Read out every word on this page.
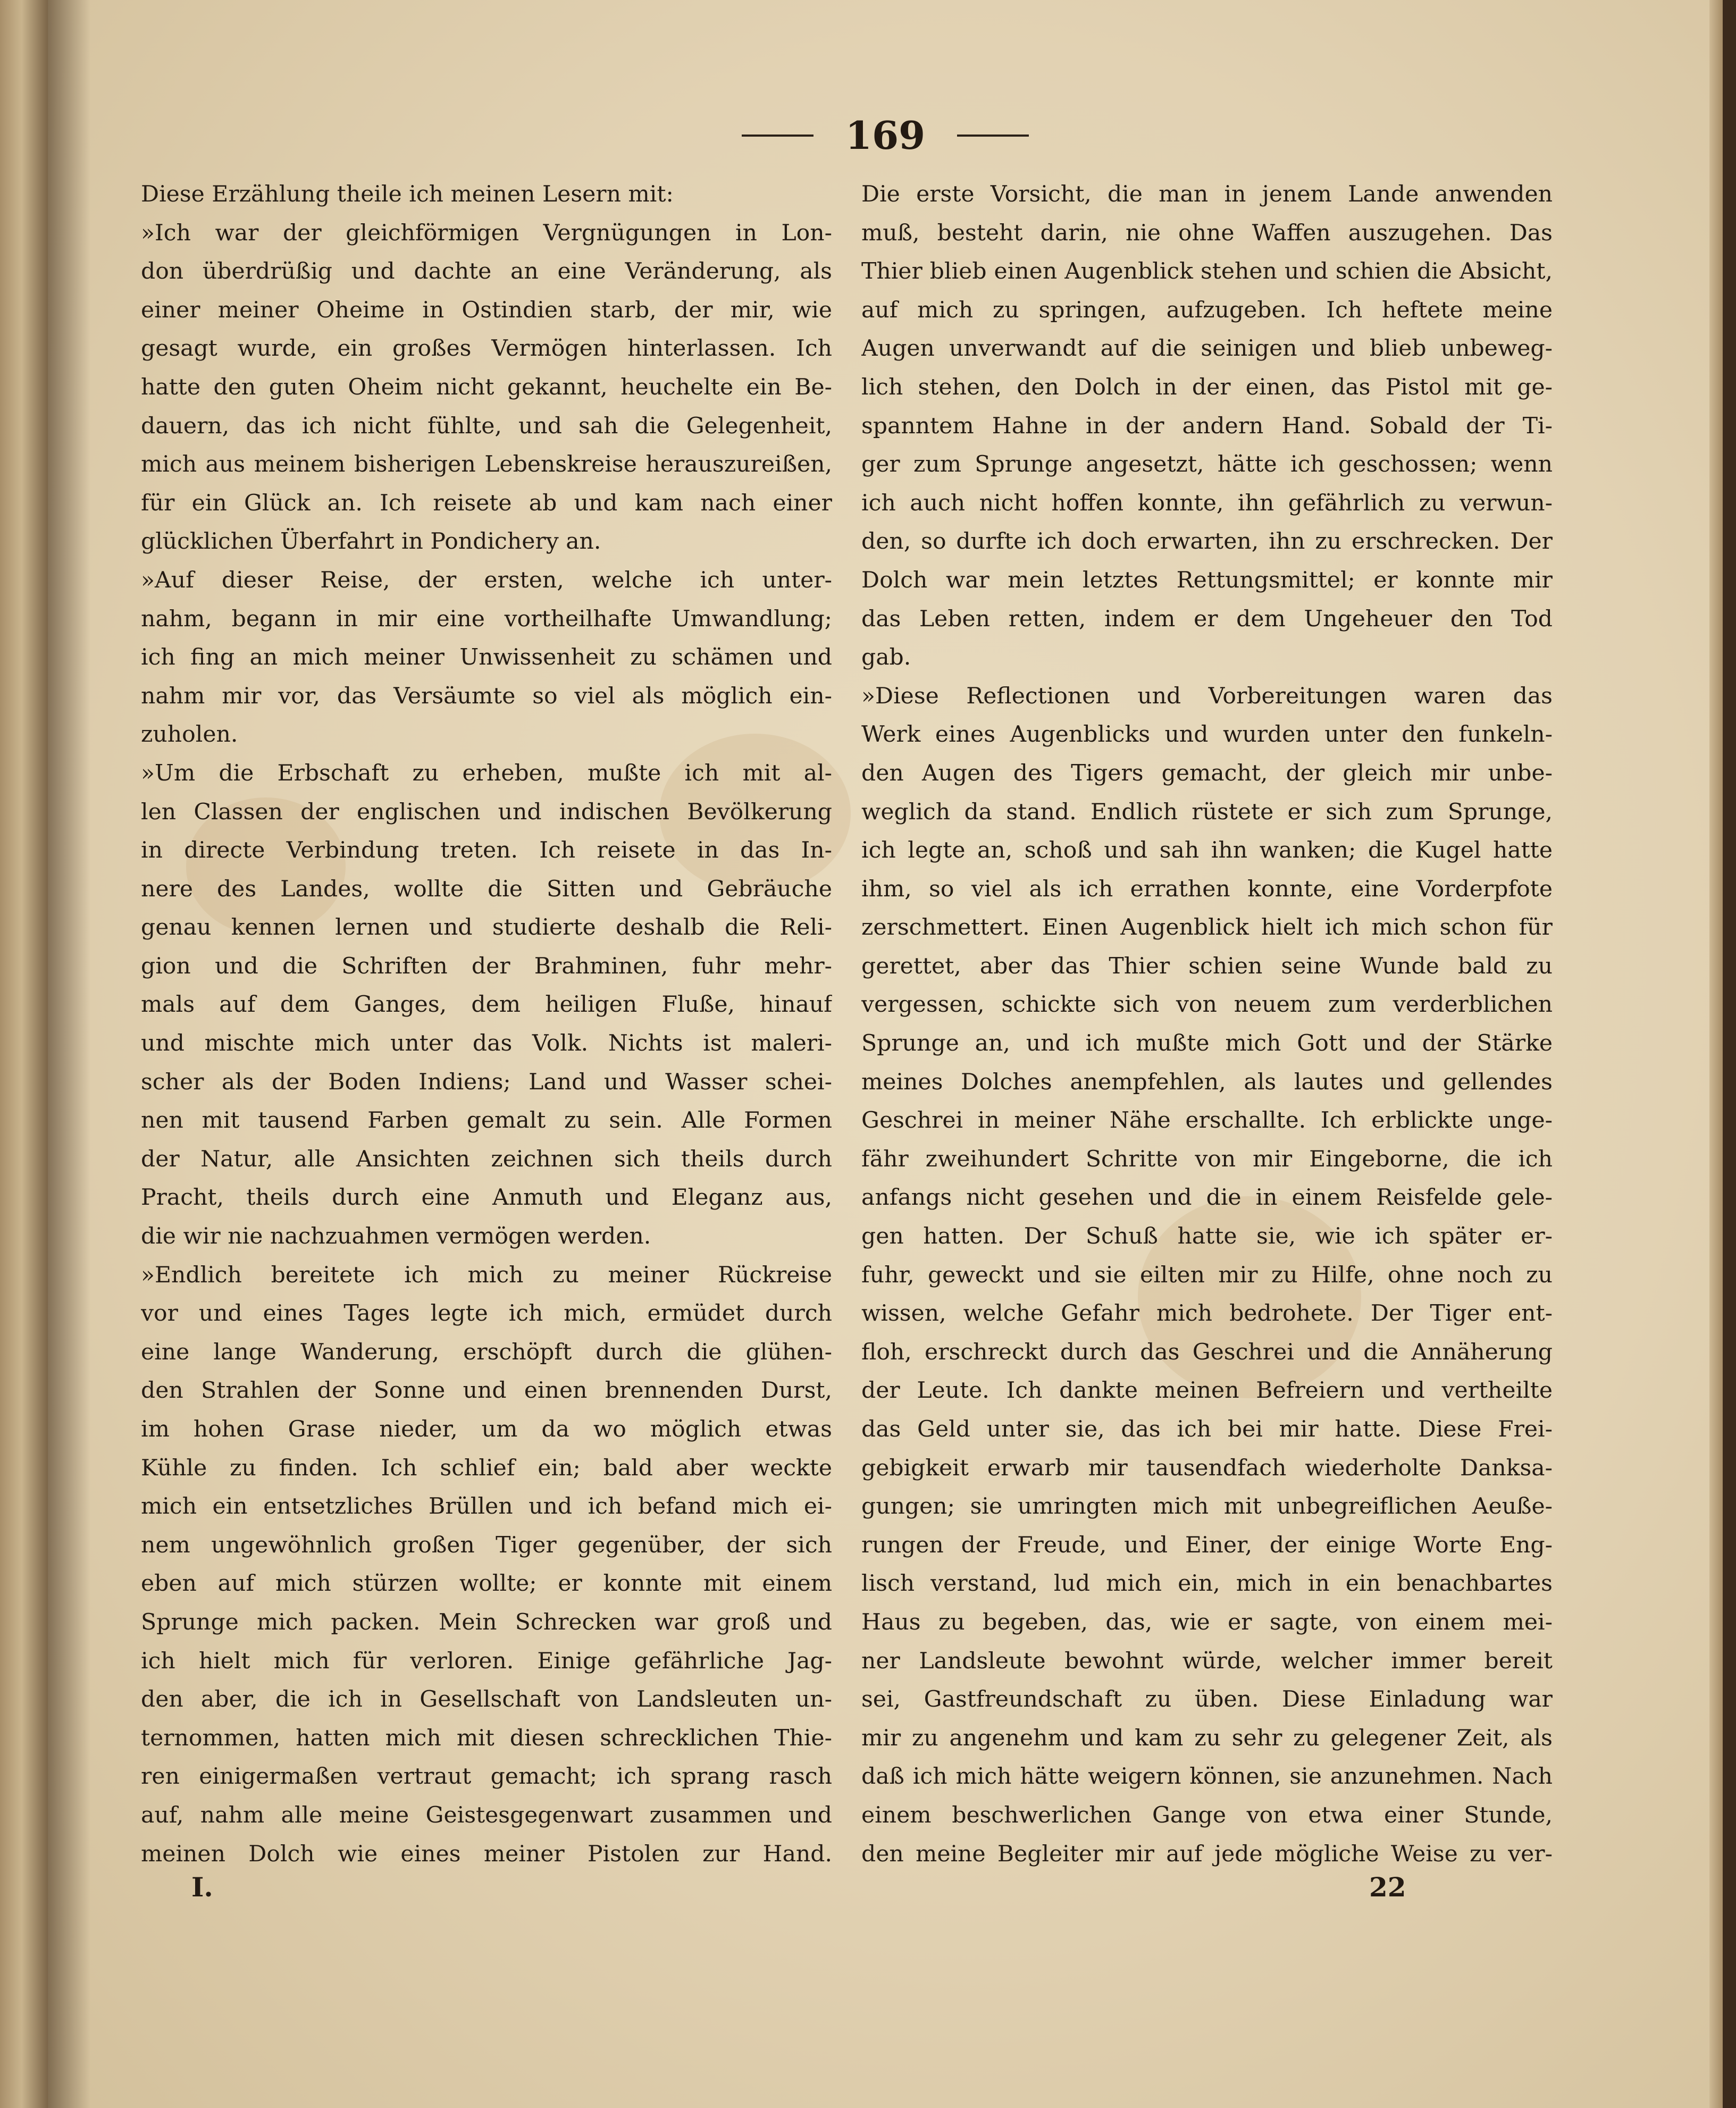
169
Diese Erzählung theile ich meinen Lesern mit:
»Ich war der gleichförmigen Vergnügungen in Lon-
don überdrüßig und dachte an eine Veränderung, als
einer meiner Oheime in Ostindien starb, der mir, wie
gesagt wurde, ein großes Vermögen hinterlassen. Ich
hatte den guten Oheim nicht gekannt, heuchelte ein Be-
dauern, das ich nicht fühlte, und sah die Gelegenheit,
mich aus meinem bisherigen Lebenskreise herauszureißen,
für ein Glück an. Ich reisete ab und kam nach einer
glücklichen Überfahrt in Pondichery an.
»Auf dieser Reise, der ersten, welche ich unter-
nahm, begann in mir eine vortheilhafte Umwandlung;
ich fing an mich meiner Unwissenheit zu schämen und
nahm mir vor, das Versäumte so viel als möglich ein-
zuholen.
»Um die Erbschaft zu erheben, mußte ich mit al-
len Classen der englischen und indischen Bevölkerung
in directe Verbindung treten. Ich reisete in das In-
nere des Landes, wollte die Sitten und Gebräuche
genau kennen lernen und studierte deshalb die Reli-
gion und die Schriften der Brahminen, fuhr mehr-
mals auf dem Ganges, dem heiligen Fluße, hinauf
und mischte mich unter das Volk. Nichts ist maleri-
scher als der Boden Indiens; Land und Wasser schei-
nen mit tausend Farben gemalt zu sein. Alle Formen
der Natur, alle Ansichten zeichnen sich theils durch
Pracht, theils durch eine Anmuth und Eleganz aus,
die wir nie nachzuahmen vermögen werden.
»Endlich bereitete ich mich zu meiner Rückreise
vor und eines Tages legte ich mich, ermüdet durch
eine lange Wanderung, erschöpft durch die glühen-
den Strahlen der Sonne und einen brennenden Durst,
im hohen Grase nieder, um da wo möglich etwas
Kühle zu finden. Ich schlief ein; bald aber weckte
mich ein entsetzliches Brüllen und ich befand mich ei-
nem ungewöhnlich großen Tiger gegenüber, der sich
eben auf mich stürzen wollte; er konnte mit einem
Sprunge mich packen. Mein Schrecken war groß und
ich hielt mich für verloren. Einige gefährliche Jag-
den aber, die ich in Gesellschaft von Landsleuten un-
ternommen, hatten mich mit diesen schrecklichen Thie-
ren einigermaßen vertraut gemacht; ich sprang rasch
auf, nahm alle meine Geistesgegenwart zusammen und
meinen Dolch wie eines meiner Pistolen zur Hand.
Die erste Vorsicht, die man in jenem Lande anwenden
muß, besteht darin, nie ohne Waffen auszugehen. Das
Thier blieb einen Augenblick stehen und schien die Absicht,
auf mich zu springen, aufzugeben. Ich heftete meine
Augen unverwandt auf die seinigen und blieb unbeweg-
lich stehen, den Dolch in der einen, das Pistol mit ge-
spanntem Hahne in der andern Hand. Sobald der Ti-
ger zum Sprunge angesetzt, hätte ich geschossen; wenn
ich auch nicht hoffen konnte, ihn gefährlich zu verwun-
den, so durfte ich doch erwarten, ihn zu erschrecken. Der
Dolch war mein letztes Rettungsmittel; er konnte mir
das Leben retten, indem er dem Ungeheuer den Tod
gab.
»Diese Reflectionen und Vorbereitungen waren das
Werk eines Augenblicks und wurden unter den funkeln-
den Augen des Tigers gemacht, der gleich mir unbe-
weglich da stand. Endlich rüstete er sich zum Sprunge,
ich legte an, schoß und sah ihn wanken; die Kugel hatte
ihm, so viel als ich errathen konnte, eine Vorderpfote
zerschmettert. Einen Augenblick hielt ich mich schon für
gerettet, aber das Thier schien seine Wunde bald zu
vergessen, schickte sich von neuem zum verderblichen
Sprunge an, und ich mußte mich Gott und der Stärke
meines Dolches anempfehlen, als lautes und gellendes
Geschrei in meiner Nähe erschallte. Ich erblickte unge-
fähr zweihundert Schritte von mir Eingeborne, die ich
anfangs nicht gesehen und die in einem Reisfelde gele-
gen hatten. Der Schuß hatte sie, wie ich später er-
fuhr, geweckt und sie eilten mir zu Hilfe, ohne noch zu
wissen, welche Gefahr mich bedrohete. Der Tiger ent-
floh, erschreckt durch das Geschrei und die Annäherung
der Leute. Ich dankte meinen Befreiern und vertheilte
das Geld unter sie, das ich bei mir hatte. Diese Frei-
gebigkeit erwarb mir tausendfach wiederholte Danksa-
gungen; sie umringten mich mit unbegreiflichen Aeuße-
rungen der Freude, und Einer, der einige Worte Eng-
lisch verstand, lud mich ein, mich in ein benachbartes
Haus zu begeben, das, wie er sagte, von einem mei-
ner Landsleute bewohnt würde, welcher immer bereit
sei, Gastfreundschaft zu üben. Diese Einladung war
mir zu angenehm und kam zu sehr zu gelegener Zeit, als
daß ich mich hätte weigern können, sie anzunehmen. Nach
einem beschwerlichen Gange von etwa einer Stunde,
den meine Begleiter mir auf jede mögliche Weise zu ver-
I.	22
